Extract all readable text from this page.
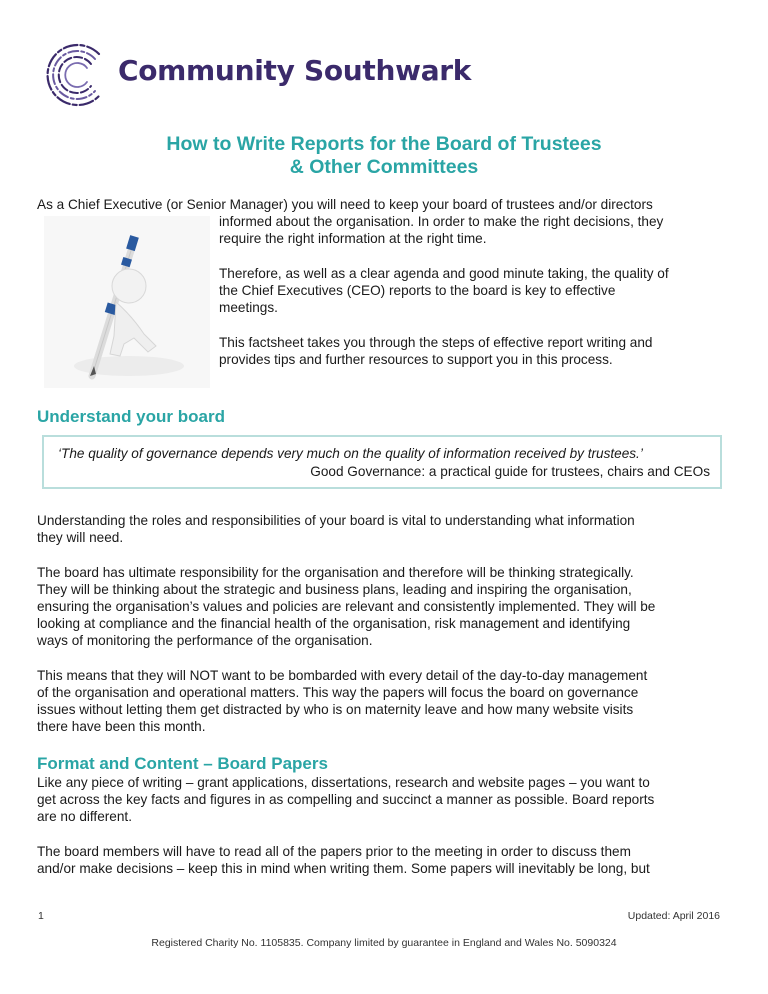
Community Southwark
How to Write Reports for the Board of Trustees
& Other Committees
As a Chief Executive (or Senior Manager) you will need to keep your board of trustees and/or directors
informed about the organisation. In order to make the right decisions, they
require the right information at the right time.
Therefore, as well as a clear agenda and good minute taking, the quality of
the Chief Executives (CEO) reports to the board is key to effective
meetings.
This factsheet takes you through the steps of effective report writing and
provides tips and further resources to support you in this process.
Understand your board
‘The quality of governance depends very much on the quality of information received by trustees.’
Good Governance: a practical guide for trustees, chairs and CEOs
Understanding the roles and responsibilities of your board is vital to understanding what information
they will need.
The board has ultimate responsibility for the organisation and therefore will be thinking strategically.
They will be thinking about the strategic and business plans, leading and inspiring the organisation,
ensuring the organisation’s values and policies are relevant and consistently implemented. They will be
looking at compliance and the financial health of the organisation, risk management and identifying
ways of monitoring the performance of the organisation.
This means that they will NOT want to be bombarded with every detail of the day-to-day management
of the organisation and operational matters. This way the papers will focus the board on governance
issues without letting them get distracted by who is on maternity leave and how many website visits
there have been this month.
Format and Content – Board Papers
Like any piece of writing – grant applications, dissertations, research and website pages – you want to
get across the key facts and figures in as compelling and succinct a manner as possible. Board reports
are no different.
The board members will have to read all of the papers prior to the meeting in order to discuss them
and/or make decisions – keep this in mind when writing them. Some papers will inevitably be long, but
1	Updated: April 2016
Registered Charity No. 1105835. Company limited by guarantee in England and Wales No. 5090324
